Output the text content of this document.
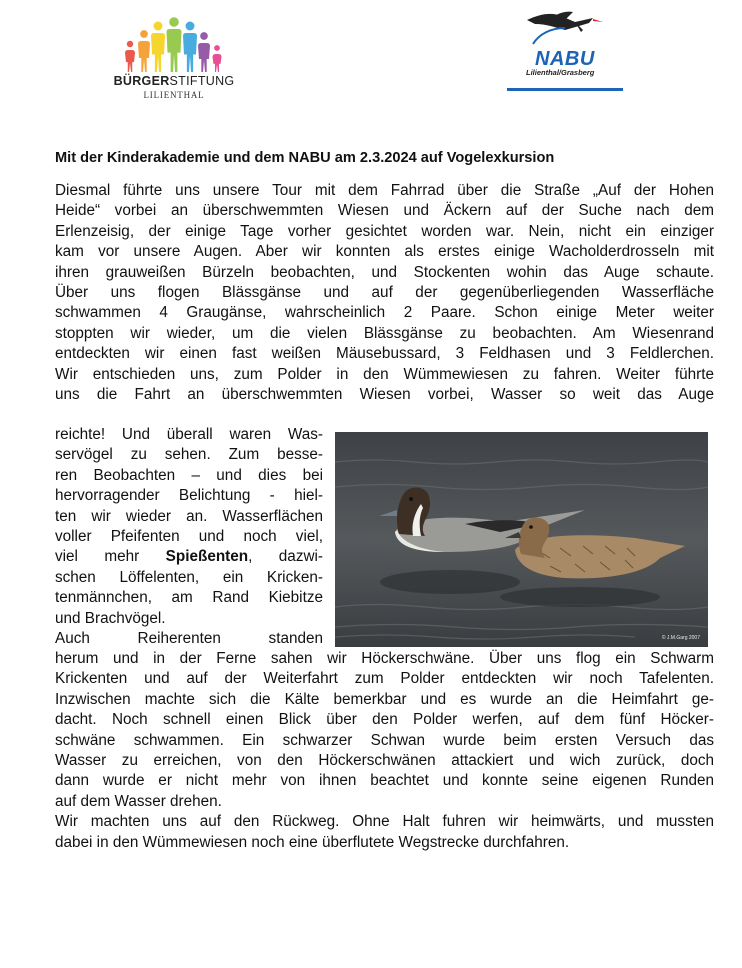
BÜRGERSTIFTUNG
LILIENTHAL
NABU
Lilienthal/Grasberg
Mit der Kinderakademie und dem NABU am 2.3.2024 auf Vogelexkursion
Diesmal führte uns unsere Tour mit dem Fahrrad über die Straße „Auf der Hohen
Heide“ vorbei an überschwemmten Wiesen und Äckern auf der Suche nach dem
Erlenzeisig, der einige Tage vorher gesichtet worden war. Nein, nicht ein einziger
kam vor unsere Augen. Aber wir konnten als erstes einige Wacholderdrosseln mit
ihren grauweißen Bürzeln beobachten, und Stockenten wohin das Auge schaute.
Über uns flogen Blässgänse und auf der gegenüberliegenden Wasserfläche
schwammen 4 Graugänse, wahrscheinlich 2 Paare. Schon einige Meter weiter
stoppten wir wieder, um die vielen Blässgänse zu beobachten. Am Wiesenrand
entdeckten wir einen fast weißen Mäusebussard, 3 Feldhasen und 3 Feldlerchen.
Wir entschieden uns, zum Polder in den Wümmewiesen zu fahren. Weiter führte
uns die Fahrt an überschwemmten Wiesen vorbei, Wasser so weit das Auge
reichte! Und überall waren Was-
servögel zu sehen. Zum besse-
ren Beobachten – und dies bei
hervorragender Belichtung - hiel-
ten wir wieder an. Wasserflächen
voller Pfeifenten und noch viel,
viel mehr Spießenten, dazwi-
schen Löffelenten, ein Kricken-
tenmännchen, am Rand Kiebitze
und Brachvögel.
Auch Reiherenten standen	© J.M.Garg 2007
herum und in der Ferne sahen wir Höckerschwäne. Über uns flog ein Schwarm
Krickenten und auf der Weiterfahrt zum Polder entdeckten wir noch Tafelenten.
Inzwischen machte sich die Kälte bemerkbar und es wurde an die Heimfahrt ge-
dacht. Noch schnell einen Blick über den Polder werfen, auf dem fünf Höcker-
schwäne schwammen. Ein schwarzer Schwan wurde beim ersten Versuch das
Wasser zu erreichen, von den Höckerschwänen attackiert und wich zurück, doch
dann wurde er nicht mehr von ihnen beachtet und konnte seine eigenen Runden
auf dem Wasser drehen.
Wir machten uns auf den Rückweg. Ohne Halt fuhren wir heimwärts, und mussten
dabei in den Wümmewiesen noch eine überflutete Wegstrecke durchfahren.
